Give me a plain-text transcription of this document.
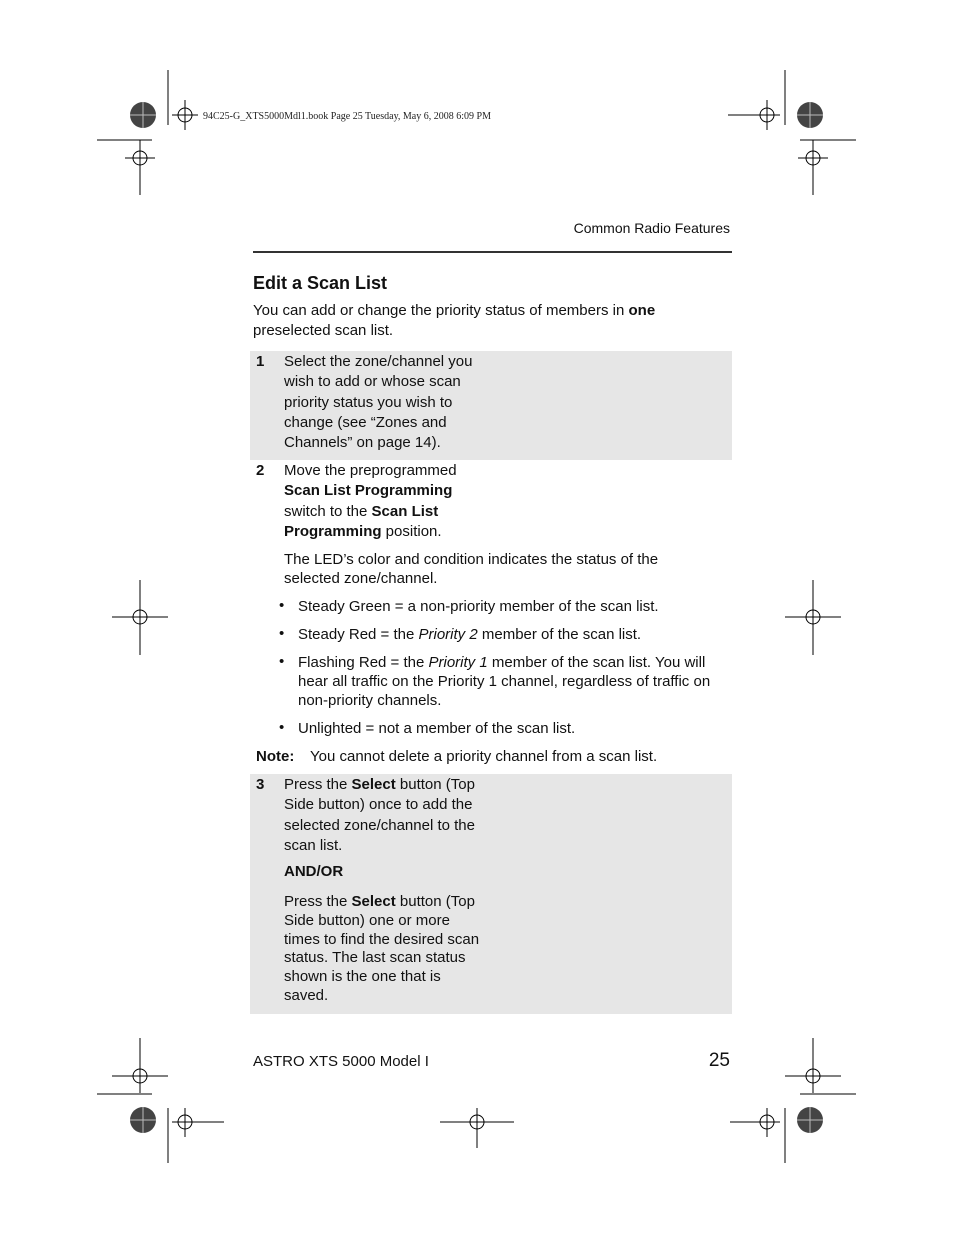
94C25-G_XTS5000Mdl1.book Page 25 Tuesday, May 6, 2008 6:09 PM
Common Radio Features
Edit a Scan List
You can add or change the priority status of members in one preselected scan list.
1 Select the zone/channel you
wish to add or whose scan
priority status you wish to
change (see “Zones and
Channels” on page 14).
2 Move the preprogrammed
Scan List Programming
switch to the Scan List
Programming position.
The LED’s color and condition indicates the status of the selected zone/channel.
• Steady Green = a non-priority member of the scan list.
• Steady Red = the Priority 2 member of the scan list.
• Flashing Red = the Priority 1 member of the scan list. You will hear all traffic on the Priority 1 channel, regardless of traffic on non-priority channels.
• Unlighted = not a member of the scan list.
Note: You cannot delete a priority channel from a scan list.
3 Press the Select button (Top
Side button) once to add the
selected zone/channel to the
scan list.
AND/OR
Press the Select button (Top
Side button) one or more
times to find the desired scan
status. The last scan status
shown is the one that is
saved.
ASTRO XTS 5000 Model I	25
